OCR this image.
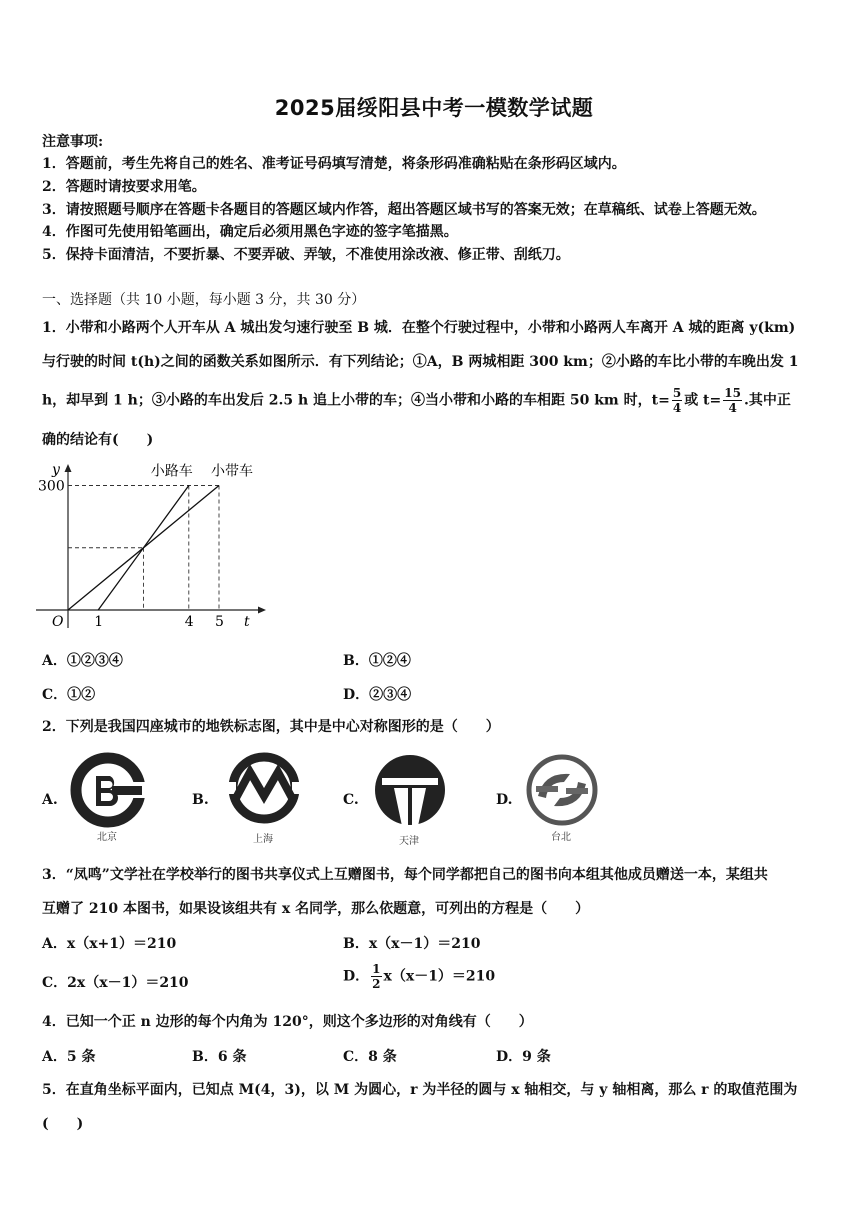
2025届绥阳县中考一模数学试题
注意事项:
1．答题前，考生先将自己的姓名、准考证号码填写清楚，将条形码准确粘贴在条形码区域内。
2．答题时请按要求用笔。
3．请按照题号顺序在答题卡各题目的答题区域内作答，超出答题区域书写的答案无效；在草稿纸、试卷上答题无效。
4．作图可先使用铅笔画出，确定后必须用黑色字迹的签字笔描黑。
5．保持卡面清洁，不要折暴、不要弄破、弄皱，不准使用涂改液、修正带、刮纸刀。
一、选择题（共 10 小题，每小题 3 分，共 30 分）
1．小带和小路两个人开车从 A 城出发匀速行驶至 B 城．在整个行驶过程中，小带和小路两人车离开 A 城的距离 y(km)
与行驶的时间 t(h)之间的函数关系如图所示．有下列结论；①A，B 两城相距 300 km；②小路的车比小带的车晚出发 1
h，却早到 1 h；③小路的车出发后 2.5 h 追上小带的车；④当小带和小路的车相距 50 km 时，$t= \frac{5}{4}$ 或 $t= \frac{15}{4}$ .其中正
确的结论有(　　)
y
t
O
300
1	4 5
小路车 小带车
A．①②③④	B．①②④
C．①②	D．②③④
2．下列是我国四座城市的地铁标志图，其中是中心对称图形的是（　　）
A.
北京
B.
上海
C.
天津
D.
台北
3．“凤鸣”文学社在学校举行的图书共享仪式上互赠图书，每个同学都把自己的图书向本组其他成员赠送一本，某组共
互赠了 210 本图书，如果设该组共有 x 名同学，那么依题意，可列出的方程是（　　）
A．x（x+1）＝210	B．x（x－1）＝210
C．2x（x－1）＝210	D． $\frac{1}{2} x(x-1)=210$
4．已知一个正 n 边形的每个内角为 120°，则这个多边形的对角线有（　　）
A．5 条	B．6 条	C．8 条	D．9 条
5．在直角坐标平面内，已知点 M(4，3)，以 M 为圆心，r 为半径的圆与 x 轴相交，与 y 轴相离，那么 r 的取值范围为
(　　)
